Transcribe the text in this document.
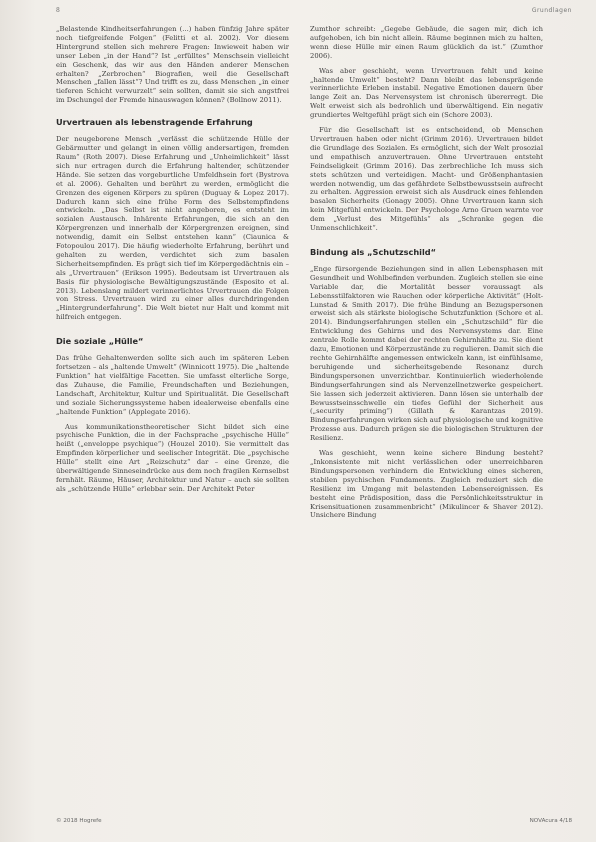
8	Grundlagen

„Belastende Kindheitserfahrungen (...) haben fünfzig Jahre später noch tiefgreifende Folgen“ (Felitti et al. 2002). Vor diesem Hintergrund stellen sich mehrere Fragen: Inwieweit haben wir unser Leben „in der Hand“? Ist „erfülltes“ Menschsein vielleicht ein Geschenk, das wir aus den Händen anderer Menschen erhalten? „Zerbrochen“ Biografien, weil die Gesellschaft Menschen „fallen lässt“? Und trifft es zu, dass Menschen „in einer tieferen Schicht verwurzelt“ sein sollten, damit sie sich angstfrei im Dschungel der Fremde hinauswagen können? (Bollnow 2011).

Urvertrauen als lebenstragende Erfahrung

Der neugeborene Mensch „verlässt die schützende Hülle der Gebärmutter und gelangt in einen völlig andersartigen, fremden Raum“ (Roth 2007). Diese Erfahrung und „Unheimlichkeit“ lässt sich nur ertragen durch die Erfahrung haltender, schützender Hände. Sie setzen das vorgeburtliche Umfeldhsein fort (Bystrova et al. 2006). Gehalten und berührt zu werden, ermöglicht die Grenzen des eigenen Körpers zu spüren (Duguay & Lopez 2017). Dadurch kann sich eine frühe Form des Selbstempfindens entwickeln. „Das Selbst ist nicht angeboren, es entsteht im sozialen Austausch. Inhärente Erfahrungen, die sich an den Körpergrenzen und innerhalb der Körpergrenzen ereignen, sind notwendig, damit ein Selbst entstehen kann“ (Ciaunica & Fotopoulou 2017). Die häufig wiederholte Erfahrung, berührt und gehalten zu werden, verdichtet sich zum basalen Sicherheitsempfinden. Es prägt sich tief im Körpergedächtnis ein – als „Urvertrauen“ (Erikson 1995). Bedeutsam ist Urvertrauen als Basis für physiologische Bewältigungszustände (Esposito et al. 2013). Lebenslang mildert verinnerlichtes Urvertrauen die Folgen von Stress. Urvertrauen wird zu einer alles durchdringenden „Hintergrunderfahrung“. Die Welt bietet nur Halt und kommt mit hilfreich entgegen.

Die soziale „Hülle“

Das frühe Gehaltenwerden sollte sich auch im späteren Leben fortsetzen – als „haltende Umwelt“ (Winnicott 1975). Die „haltende Funktion“ hat vielfältige Facetten. Sie umfasst elterliche Sorge, das Zuhause, die Familie, Freundschaften und Beziehungen, Landschaft, Architektur, Kultur und Spiritualität. Die Gesellschaft und soziale Sicherungssysteme haben idealerweise ebenfalls eine „haltende Funktion“ (Applegate 2016).

Aus kommunikationstheoretischer Sicht bildet sich eine psychische Funktion, die in der Fachsprache „psychische Hülle“ heißt („enveloppe psychique“) (Houzel 2010). Sie vermittelt das Empfinden körperlicher und seelischer Integrität. Die „psychische Hülle“ stellt eine Art „Reizschutz“ dar – eine Grenze, die überwältigende Sinneseindrücke aus dem noch fragilen Kernselbst fernhält. Räume, Häuser, Architektur und Natur – auch sie sollten als „schützende Hülle“ erlebbar sein. Der Architekt Peter

Zumthor schreibt: „Gegebe Gebäude, die sagen mir, dich ich aufgehoben, ich bin nicht allein. Räume beginnen mich zu halten, wenn diese Hülle mir einen Raum glücklich da ist.“ (Zumthor 2006).

Was aber geschieht, wenn Urvertrauen fehlt und keine „haltende Umwelt“ besteht? Dann bleibt das lebensprägende verinnerlichte Erleben instabil. Negative Emotionen dauern über lange Zeit an. Das Nervensystem ist chronisch übererregt. Die Welt erweist sich als bedrohlich und überwältigend. Ein negativ grundiertes Weltgefühl prägt sich ein (Schore 2003).

Für die Gesellschaft ist es entscheidend, ob Menschen Urvertrauen haben oder nicht (Grimm 2016). Urvertrauen bildet die Grundlage des Sozialen. Es ermöglicht, sich der Welt prosozial und empathisch anzuvertrauen. Ohne Urvertrauen entsteht Feindseligkeit (Grimm 2016). Das zerbrechliche Ich muss sich stets schützen und verteidigen. Macht- und Größenphantasien werden notwendig, um das gefährdete Selbstbewusstsein aufrecht zu erhalten. Aggression erweist sich als Ausdruck eines fehlenden basalen Sicherheits (Gonagy 2005). Ohne Urvertrauen kann sich kein Mitgefühl entwickeln. Der Psychologe Arno Gruen warnte vor dem „Verlust des Mitgefühls“ als „Schranke gegen die Unmenschlichkeit“.

Bindung als „Schutzschild“

„Enge fürsorgende Beziehungen sind in allen Lebensphasen mit Gesundheit und Wohlbefinden verbunden. Zugleich stellen sie eine Variable dar, die Mortalität besser voraussagt als Lebensstilfaktoren wie Rauchen oder körperliche Aktivität“ (Holt-Lunstad & Smith 2017). Die frühe Bindung an Bezugspersonen erweist sich als stärkste biologische Schutzfunktion (Schore et al. 2014). Bindungserfahrungen stellen ein „Schutzschild“ für die Entwicklung des Gehirns und des Nervensystems dar. Eine zentrale Rolle kommt dabei der rechten Gehirnhälfte zu. Sie dient dazu, Emotionen und Körperzustände zu regulieren. Damit sich die rechte Gehirnhälfte angemessen entwickeln kann, ist einfühlsame, beruhigende und sicherheitsgebende Resonanz durch Bindungspersonen unverzichtbar. Kontinuierlich wiederholende Bindungserfahrungen sind als Nervenzellnetzwerke gespeichert. Sie lassen sich jederzeit aktivieren. Dann lösen sie unterhalb der Bewusstseinsschwelle ein tiefes Gefühl der Sicherheit aus („security priming“) (Gillath & Karantzas 2019). Bindungserfahrungen wirken sich auf physiologische und kognitive Prozesse aus. Dadurch prägen sie die biologischen Strukturen der Resilienz.

Was geschieht, wenn keine sichere Bindung besteht? „Inkonsistente mit nicht verlässlichen oder unerreichbaren Bindungspersonen verhindern die Entwicklung eines sicheren, stabilen psychischen Fundaments. Zugleich reduziert sich die Resilienz im Umgang mit belastenden Lebensereignissen. Es besteht eine Prädisposition, dass die Persönlichkeitsstruktur in Krisensituationen zusammenbricht“ (Mikulincer & Shaver 2012). Unsichere Bindung

© 2018 Hogrefe	NOVAcura 4/18
